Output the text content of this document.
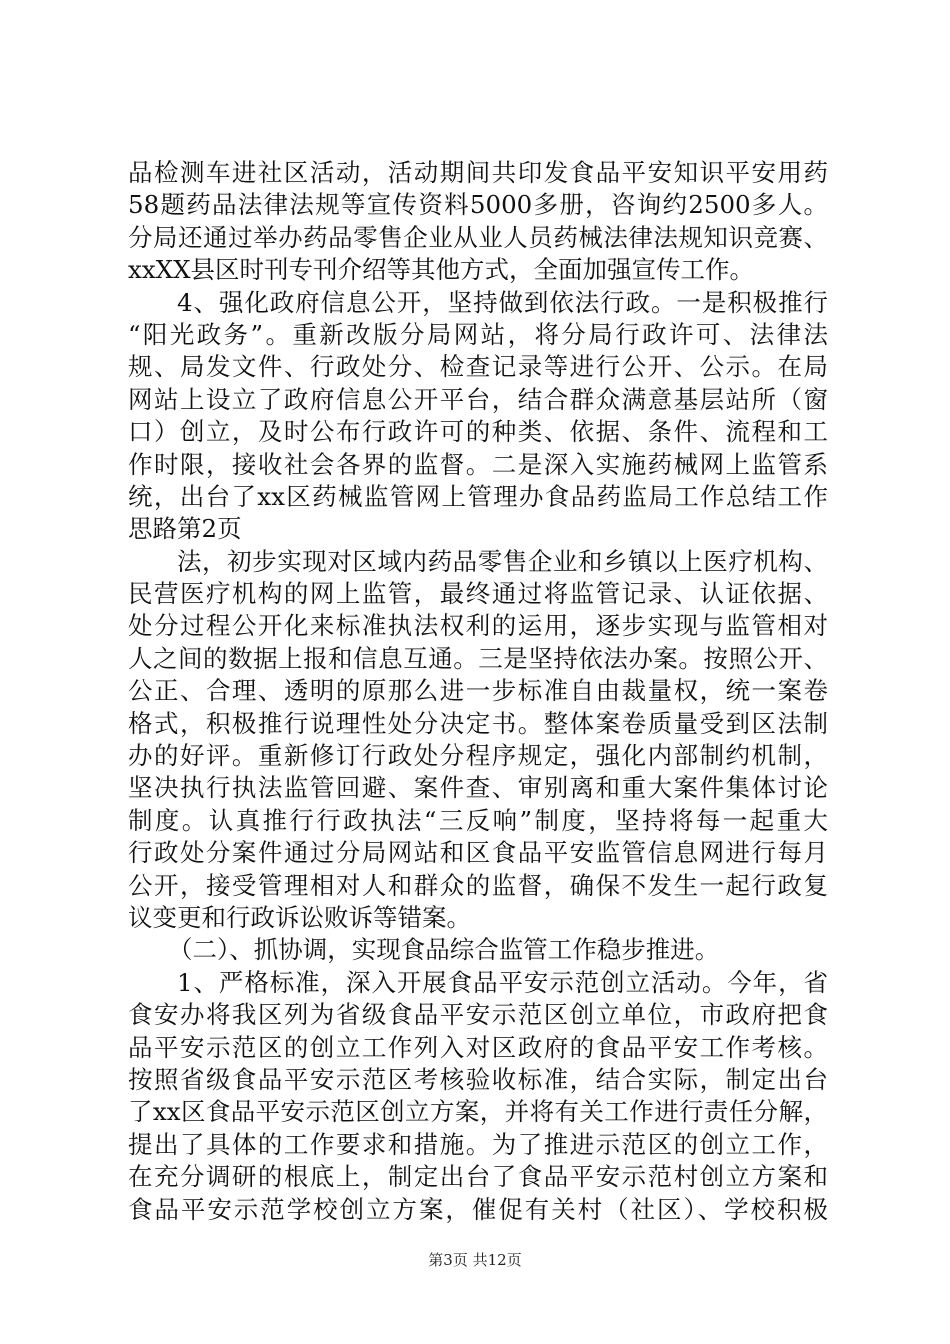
品检测车进社区活动，活动期间共印发食品平安知识平安用药
58题药品法律法规等宣传资料5000多册，咨询约2500多人。
分局还通过举办药品零售企业从业人员药械法律法规知识竞赛、
xxXX县区时刊专刊介绍等其他方式，全面加强宣传工作。
4、强化政府信息公开，坚持做到依法行政。一是积极推行
“阳光政务”。重新改版分局网站，将分局行政许可、法律法
规、局发文件、行政处分、检查记录等进行公开、公示。在局
网站上设立了政府信息公开平台，结合群众满意基层站所（窗
口）创立，及时公布行政许可的种类、依据、条件、流程和工
作时限，接收社会各界的监督。二是深入实施药械网上监管系
统，出台了xx区药械监管网上管理办食品药监局工作总结工作
思路第2页
法，初步实现对区域内药品零售企业和乡镇以上医疗机构、
民营医疗机构的网上监管，最终通过将监管记录、认证依据、
处分过程公开化来标准执法权利的运用，逐步实现与监管相对
人之间的数据上报和信息互通。三是坚持依法办案。按照公开、
公正、合理、透明的原那么进一步标准自由裁量权，统一案卷
格式，积极推行说理性处分决定书。整体案卷质量受到区法制
办的好评。重新修订行政处分程序规定，强化内部制约机制，
坚决执行执法监管回避、案件查、审别离和重大案件集体讨论
制度。认真推行行政执法“三反响”制度，坚持将每一起重大
行政处分案件通过分局网站和区食品平安监管信息网进行每月
公开，接受管理相对人和群众的监督，确保不发生一起行政复
议变更和行政诉讼败诉等错案。
（二）、抓协调，实现食品综合监管工作稳步推进。
1、严格标准，深入开展食品平安示范创立活动。今年，省
食安办将我区列为省级食品平安示范区创立单位，市政府把食
品平安示范区的创立工作列入对区政府的食品平安工作考核。
按照省级食品平安示范区考核验收标准，结合实际，制定出台
了xx区食品平安示范区创立方案，并将有关工作进行责任分解，
提出了具体的工作要求和措施。为了推进示范区的创立工作，
在充分调研的根底上，制定出台了食品平安示范村创立方案和
食品平安示范学校创立方案，催促有关村（社区）、学校积极
第3页 共12页
